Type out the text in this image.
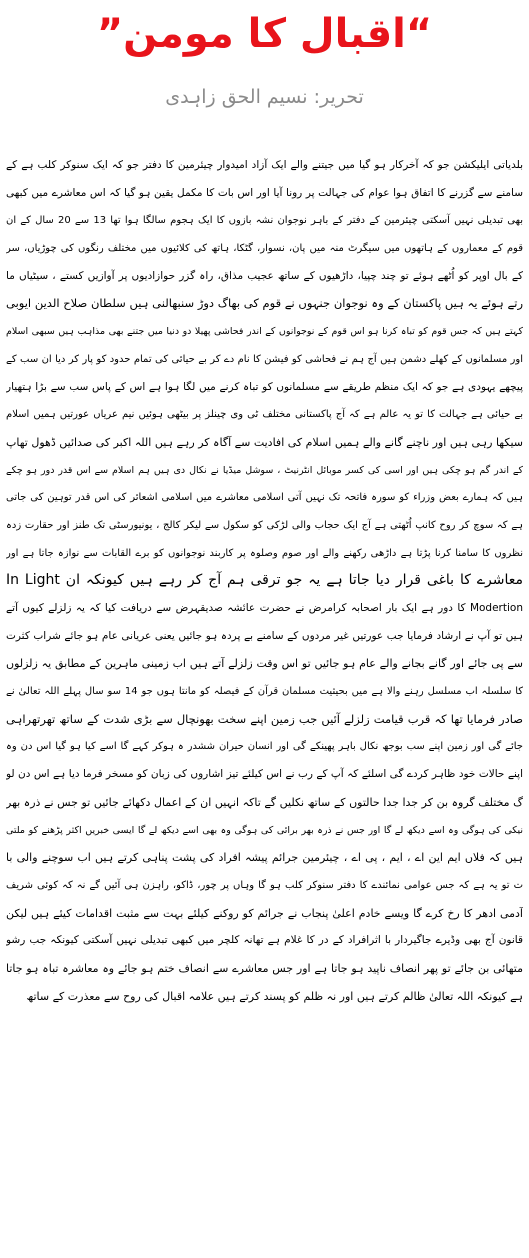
“اقبال کا مومن”
تحریر: نسیم الحق زاہدی
بلدیاتی ایلیکشن جو کہ آخرکار ہو گیا میں جیتنے والے ایک آزاد امیدوار چیئرمین کا دفتر جو کہ ایک سنوکر کلب ہے کے
سامنے سے گزرنے کا اتفاق ہوا عوام کی جہالت پر رونا آیا اور اس بات کا مکمل یقین ہو گیا کہ اس معاشرے میں کبھی
بھی تبدیلی نہیں آسکتی چیئرمین کے دفتر کے باہر نوجوان نشہ بازوں کا ایک ہجوم سالگا ہوا تھا 13 سے 20 سال کے ان
قوم کے معماروں کے ہاتھوں میں سیگرٹ منہ میں پان، نسوار، گٹکا، ہاتھ کی کلائیوں میں مختلف رنگوں کی چوڑیاں، سر
کے بال اوپر کو اُٹھے ہوئے تو چند چپیا، داڑھیوں کے ساتھ عجیب مذاق، راہ گزر حوازادیوں پر آوازیں کستے ، سیٹیاں ما
رتے ہوئے یہ ہیں پاکستان کے وہ نوجوان جنہوں نے قوم کی بھاگ دوڑ سنبھالنی ہیں سلطان صلاح الدین ایوبی
کہتے ہیں کہ جس قوم کو تباہ کرنا ہو اس قوم کے نوجوانوں کے اندر فحاشی پھیلا دو دنیا میں جتنے بھی مذاہب ہیں سبھی اسلام
اور مسلمانوں کے کھلے دشمن ہیں آج ہم نے فحاشی کو فیشن کا نام دے کر بے حیائی کی تمام حدود کو پار کر دیا ان سب کے
پیچھے یہودی ہے جو کہ ایک منظم طریقے سے مسلمانوں کو تباہ کرنے میں لگا ہوا ہے اس کے پاس سب سے بڑا ہتھیار
بے حیائی ہے جہالت کا تو یہ عالم ہے کہ آج پاکستانی مختلف ٹی وی چینلز پر بیٹھی ہوئیں نیم عریاں عورتیں ہمیں اسلام
سیکھا رہی ہیں اور ناچنے گانے والے ہمیں اسلام کی افادیت سے آگاہ کر رہے ہیں اللہ اکبر کی صدائیں ڈھول تھاپ
کے اندر گم ہو چکی ہیں اور اسی کی کسر موبائل انٹرنیٹ ، سوشل میڈیا نے نکال دی ہیں ہم اسلام سے اس قدر دور ہو چکے
ہیں کہ ہمارے بعض وزراء کو سورہ فاتحہ تک نہیں آتی اسلامی معاشرے میں اسلامی اشعائر کی اس قدر توہین کی جاتی
ہے کہ سوچ کر روح کانپ اُٹھتی ہے آج ایک حجاب والی لڑکی کو سکول سے لیکر کالج ، یونیورسٹی تک طنز اور حقارت زدہ
نظروں کا سامنا کرنا پڑتا ہے داڑھی رکھنے والے اور صوم وصلوہ پر کاربند نوجوانوں کو برے القابات سے نوازہ جاتا ہے اور
معاشرے کا باغی قرار دیا جاتا ہے یہ جو ترقی ہم آج کر رہے ہیں کیونکہ ان In Light
Modertion کا دور ہے ایک بار اصحابہ کرامرض نے حضرت عائشہ صدیقہرض سے دریافت کیا کہ یہ زلزلے کیوں آتے
ہیں تو آپ نے ارشاد فرمایا جب عورتیں غیر مردوں کے سامنے بے پردہ ہو جائیں یعنی عریانی عام ہو جائے شراب کثرت
سے پی جائے اور گانے بجانے والے عام ہو جائیں تو اس وقت زلزلے آتے ہیں اب زمینی ماہرین کے مطابق یہ زلزلوں
کا سلسلہ اب مسلسل رہنے والا ہے میں بحیثیت مسلمان قرآن کے فیصلہ کو مانتا ہوں جو 14 سو سال پہلے اللہ تعالیٰ نے
صادر فرمایا تھا کہ قرب قیامت زلزلے آئیں جب زمین اپنے سخت بھونچال سے بڑی شدت کے ساتھ تھرتھراہی
جائے گی اور زمین اپنے سب بوجھ نکال باہر پھینکے گی اور انسان حیران ششدر ہ ہوکر کہے گا اسے کیا ہو گیا اس دن وہ
اپنے حالات خود ظاہر کردے گی اسلئے کہ آپ کے رب نے اس کیلئے تیز اشاروں کی زبان کو مسخر فرما دیا ہے اس دن لو
گ مختلف گروہ بن کر جدا جدا حالتوں کے ساتھ نکلیں گے تاکہ انہیں ان کے اعمال دکھائے جائیں تو جس نے ذرہ بھر
نیکی کی ہوگی وہ اسے دیکھ لے گا اور جس نے ذرہ بھر برائی کی ہوگی وہ بھی اسے دیکھ لے گا ایسی خبریں اکثر پڑھنے کو ملتی
ہیں کہ فلاں ایم این اے ، ایم ، پی اے ، چیئرمین جرائم پیشہ افراد کی پشت پناہی کرتے ہیں اب سوچنے والی با
ت تو یہ ہے کہ جس عوامی نمائندے کا دفتر سنوکر کلب ہو گا وہاں پر چور، ڈاکو، راہزن ہی آئیں گے نہ کہ کوئی شریف
آدمی ادھر کا رخ کرے گا ویسے خادم اعلیٰ پنجاب نے جرائم کو روکنے کیلئے بہت سے مثبت اقدامات کیئے ہیں لیکن
قانون آج بھی وڈیرے جاگیردار با اثرافراد کے در کا غلام ہے تھانہ کلچر میں کبھی تبدیلی نہیں آسکتی کیونکہ جب رشو
متھائی بن جائے تو پھر انصاف ناپید ہو جاتا ہے اور جس معاشرے سے انصاف ختم ہو جائے وہ معاشرہ تباہ ہو جاتا
ہے کیونکہ اللہ تعالیٰ ظالم کرتے ہیں اور نہ ظلم کو پسند کرتے ہیں علامہ اقبال کی روح سے معذرت کے ساتھ
